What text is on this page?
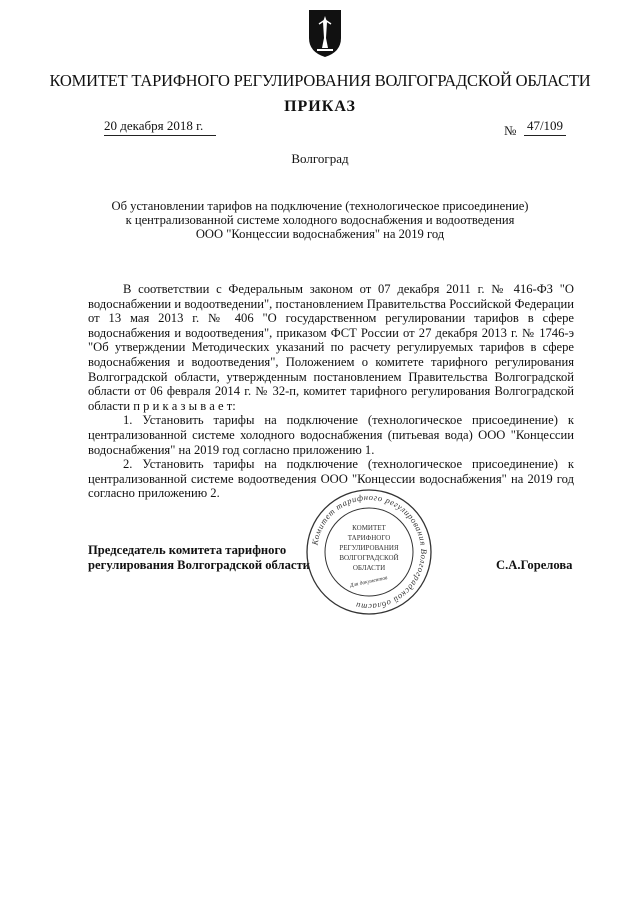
КОМИТЕТ ТАРИФНОГО РЕГУЛИРОВАНИЯ ВОЛГОГРАДСКОЙ ОБЛАСТИ
ПРИКАЗ
20 декабря 2018 г.	№ 47/109
Волгоград
Об установлении тарифов на подключение (технологическое присоединение)
к централизованной системе холодного водоснабжения и водоотведения
ООО "Концессии водоснабжения" на 2019 год

В соответствии с Федеральным законом от 07 декабря 2011 г. № 416-ФЗ "О водоснабжении и водоотведении", постановлением Правительства Российской Федерации от 13 мая 2013 г. № 406 "О государственном регулировании тарифов в сфере водоснабжения и водоотведения", приказом ФСТ России от 27 декабря 2013 г. № 1746-э "Об утверждении Методических указаний по расчету регулируемых тарифов в сфере водоснабжения и водоотведения", Положением о комитете тарифного регулирования Волгоградской области, утвержденным постановлением Правительства Волгоградской области от 06 февраля 2014 г. № 32-п, комитет тарифного регулирования Волгоградской области п р и к а з ы в а е т:

1. Установить тарифы на подключение (технологическое присоединение) к централизованной системе холодного водоснабжения (питьевая вода) ООО "Концессии водоснабжения" на 2019 год согласно приложению 1.

2. Установить тарифы на подключение (технологическое присоединение) к централизованной системе водоотведения ООО "Концессии водоснабжения" на 2019 год согласно приложению 2.

Председатель комитета тарифного
регулирования Волгоградской области	С.А.Горелова
Комитет тарифного регулирования Волгоградской области
КОМИТЕТ
ТАРИФНОГО
РЕГУЛИРОВАНИЯ
ВОЛГОГРАДСКОЙ
ОБЛАСТИ
Для документов
